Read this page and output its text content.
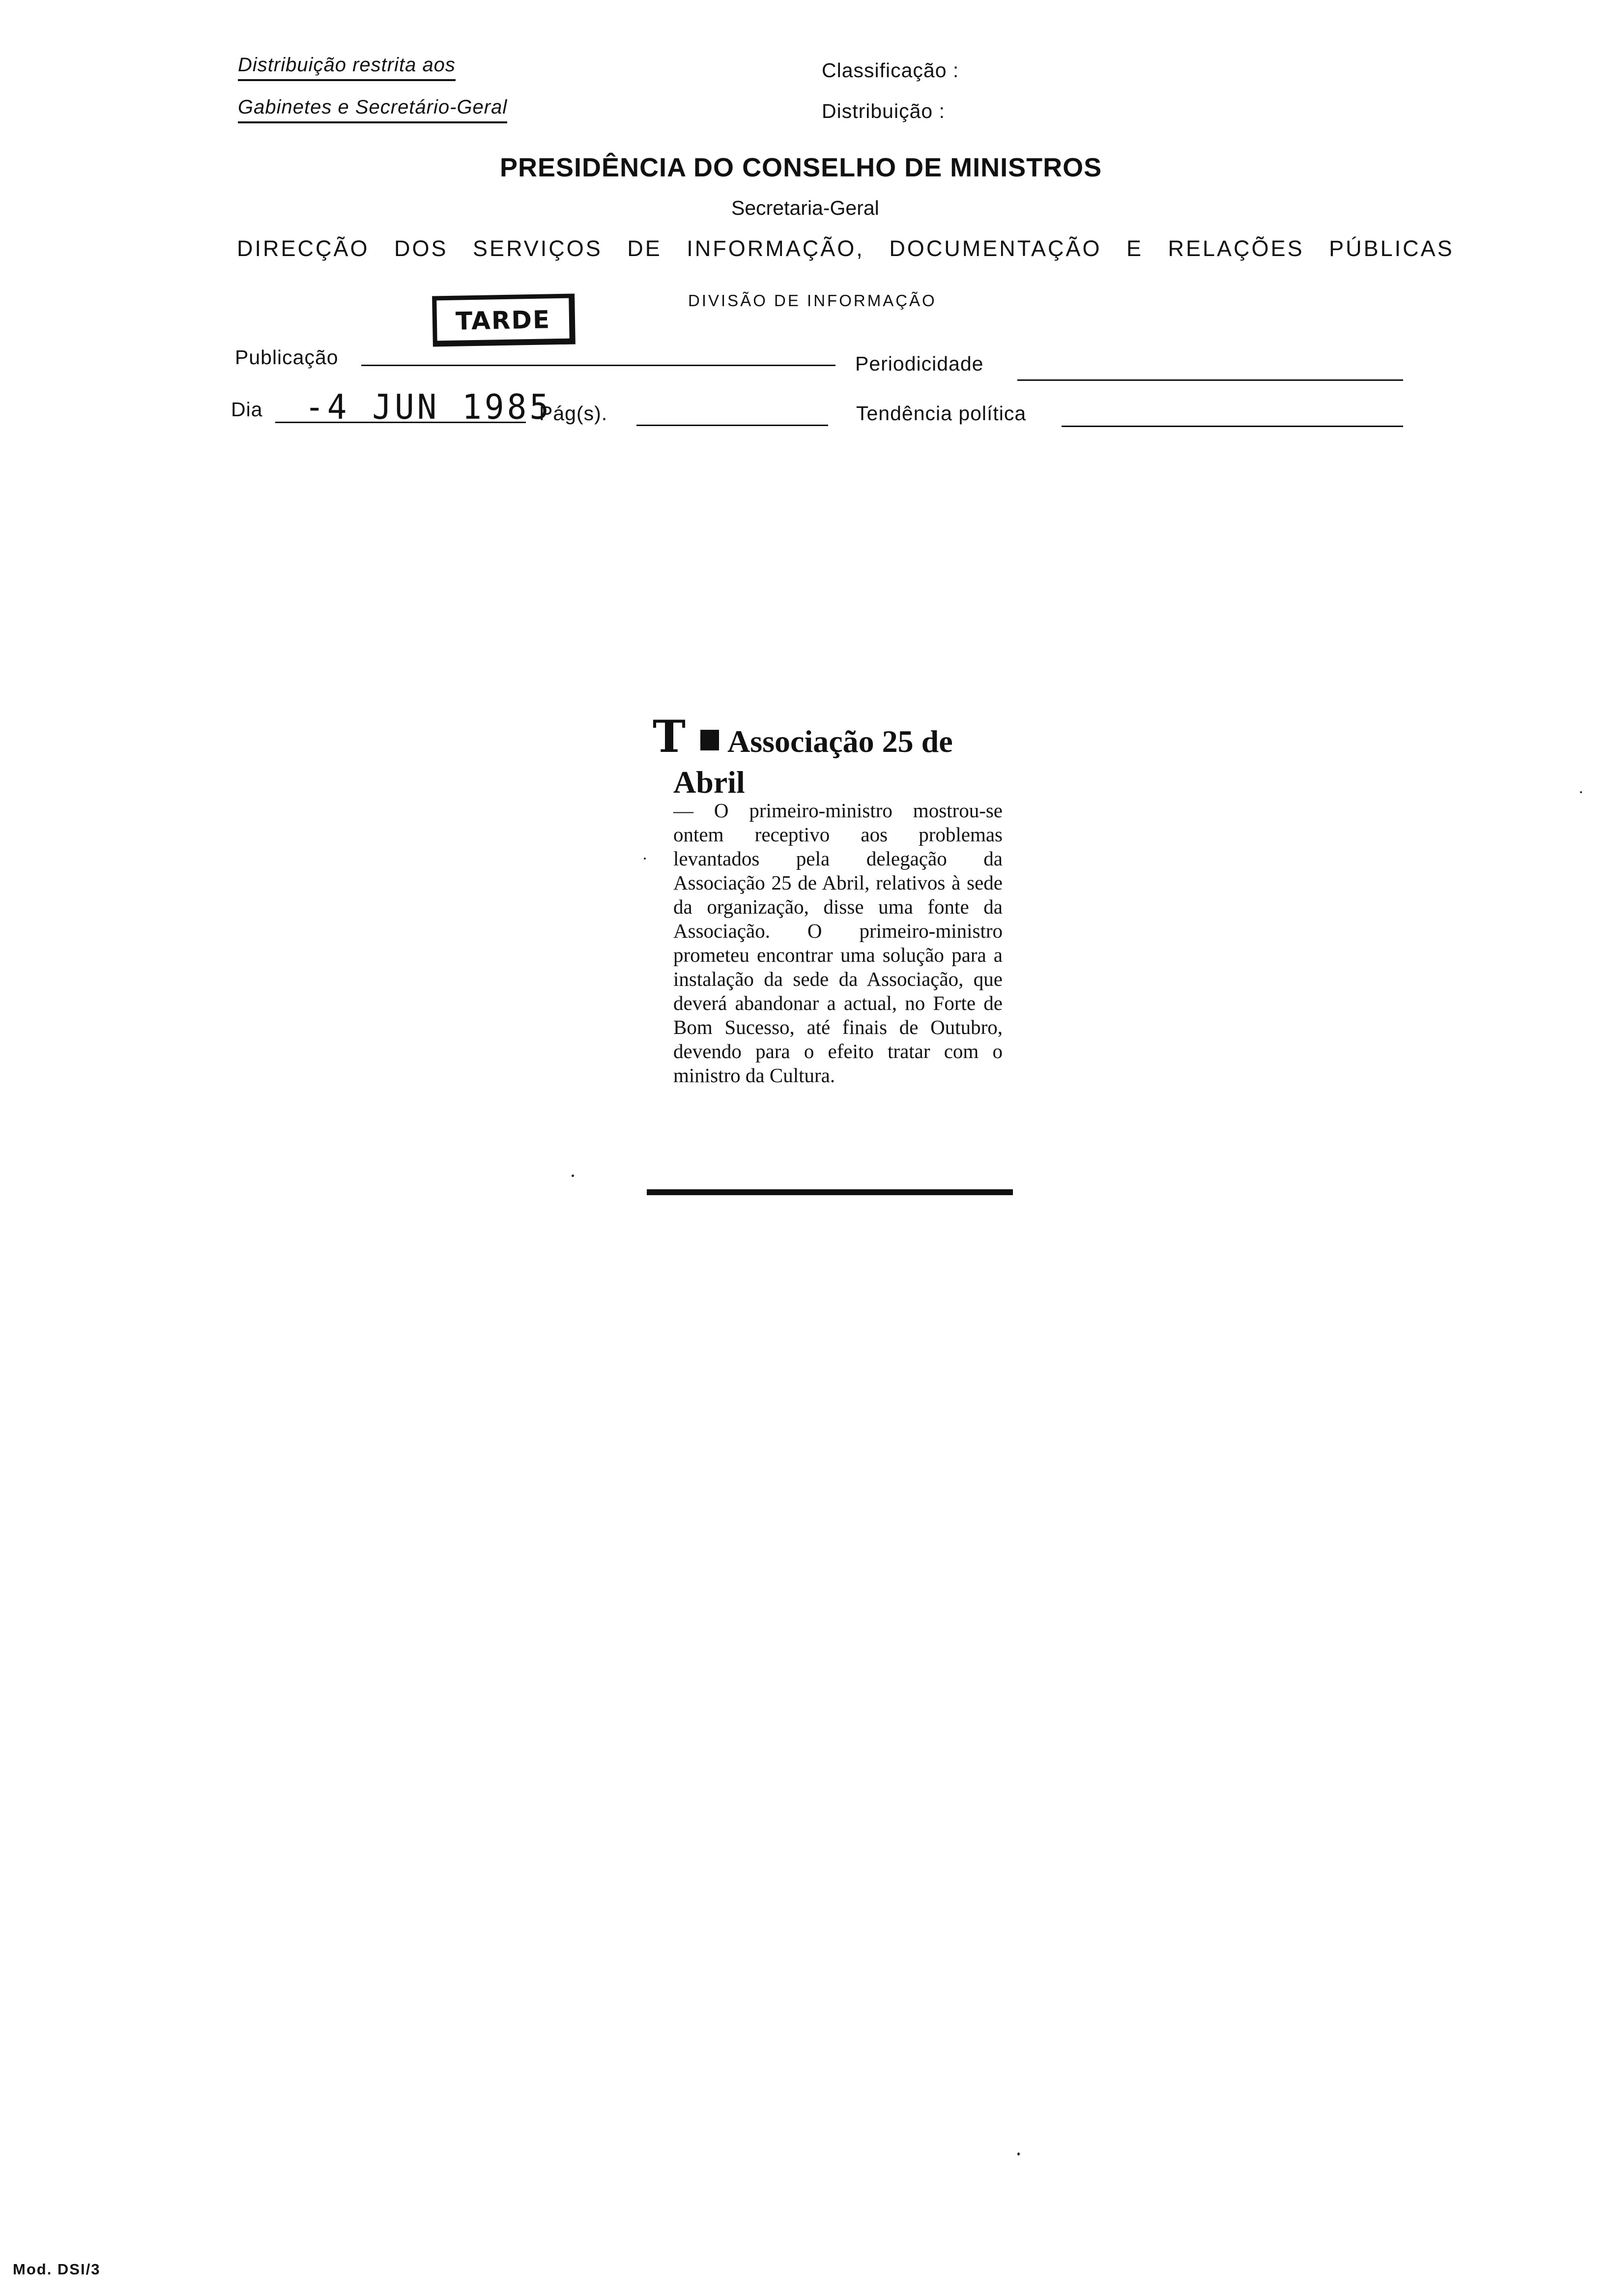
Distribuição restrita aos
Gabinetes e Secretário-Geral
Classificação :
Distribuição :
PRESIDÊNCIA DO CONSELHO DE MINISTROS
Secretaria-Geral
DIRECÇÃO DOS SERVIÇOS DE INFORMAÇÃO, DOCUMENTAÇÃO E RELAÇÕES PÚBLICAS
DIVISÃO DE INFORMAÇÃO
Publicação
TARDE
Periodicidade
Dia -4 JUN 1985
Pág(s).	Tendência política
T Associação 25 de
Abril
— O primeiro-ministro mostrou-se ontem receptivo aos problemas levantados pela delegação da Associação 25 de Abril, relativos à sede da organização, disse uma fonte da Associação. O primeiro-ministro prometeu encontrar uma solução para a instalação da sede da Associação, que deverá abandonar a actual, no Forte de Bom Sucesso, até finais de Outubro, devendo para o efeito tratar com o ministro da Cultura.
Mod. DSI/3
